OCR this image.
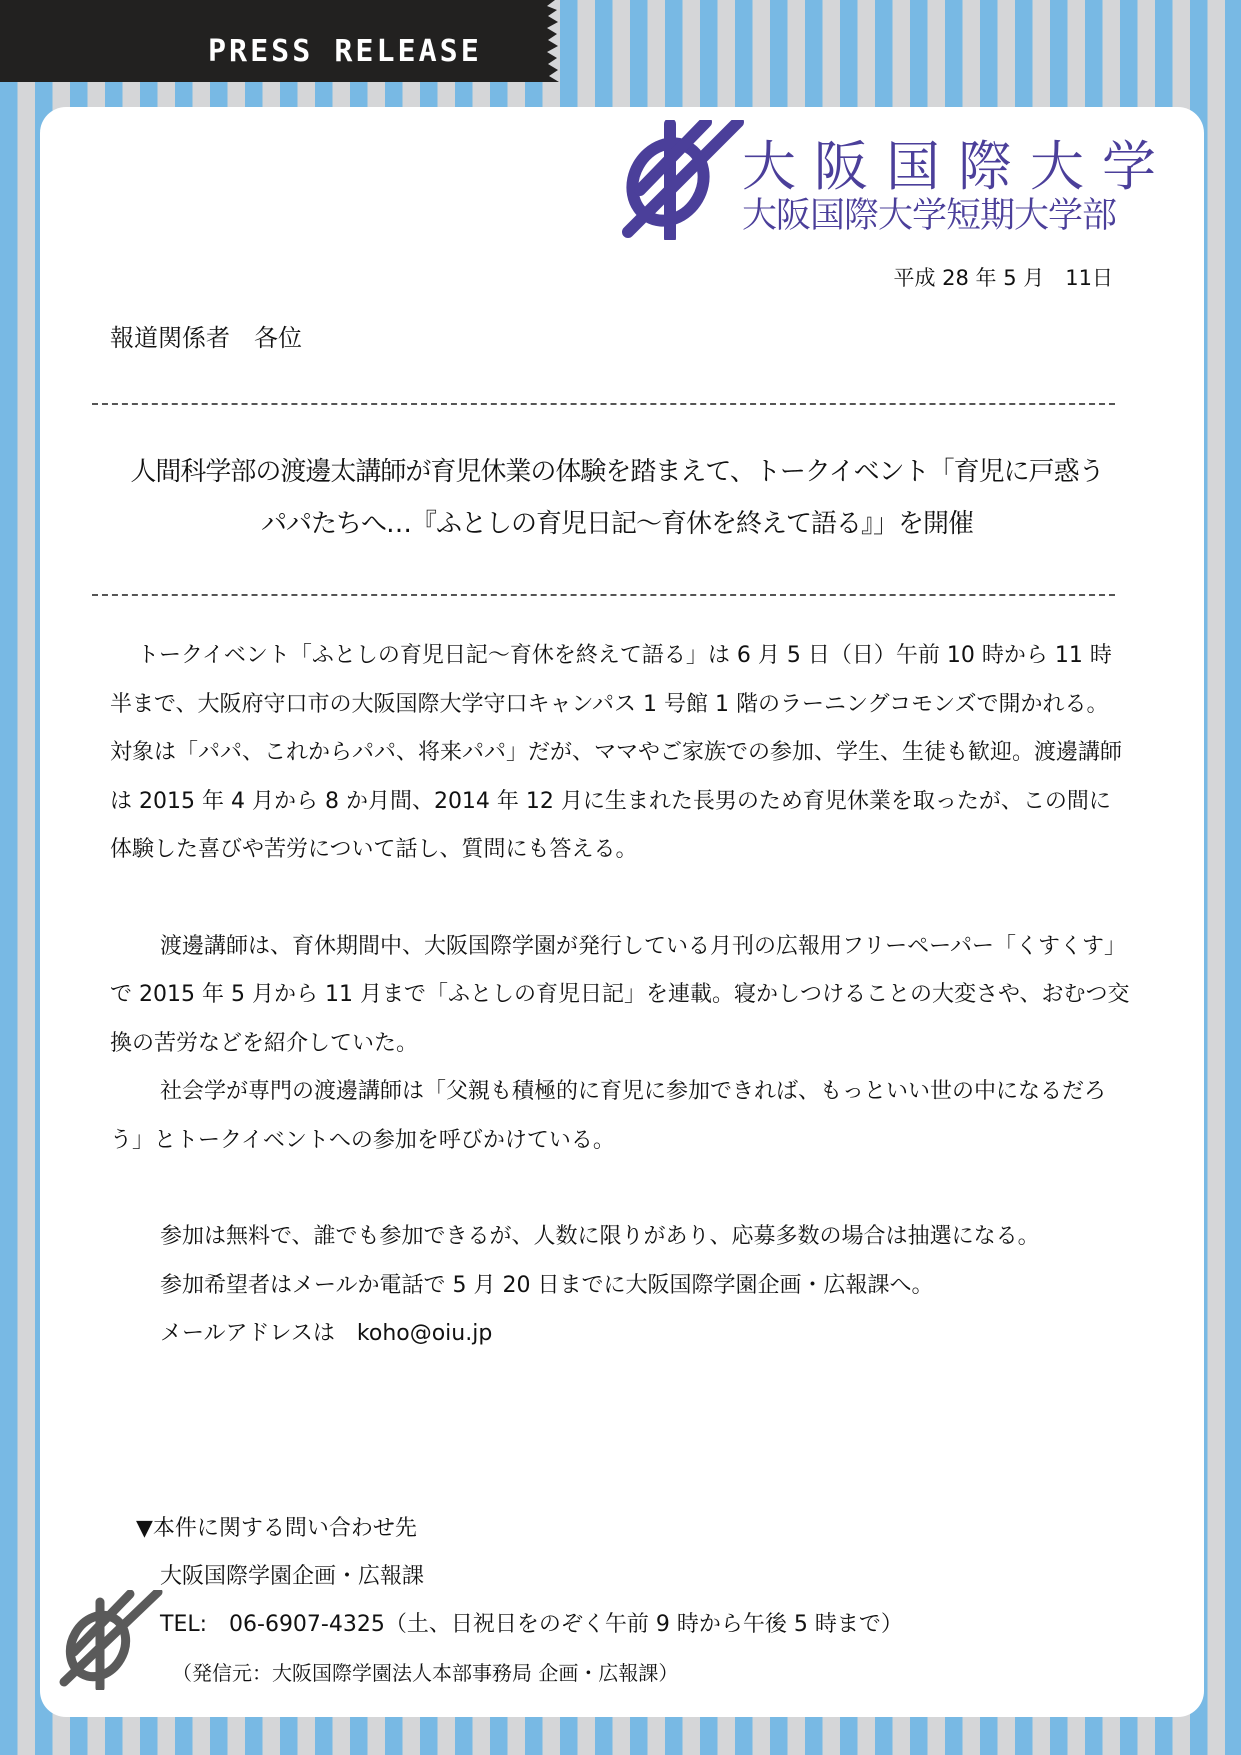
PRESS RELEASE
大阪国際大学
大阪国際大学短期大学部
平成 28 年 5 月　11日
報道関係者　各位
人間科学部の渡邊太講師が育児休業の体験を踏まえて、トークイベント「育児に戸惑う
パパたちへ…『ふとしの育児日記～育休を終えて語る』」を開催

トークイベント「ふとしの育児日記～育休を終えて語る」は 6 月 5 日（日）午前 10 時から 11 時半まで、大阪府守口市の大阪国際大学守口キャンパス 1 号館 1 階のラーニングコモンズで開かれる。対象は「パパ、これからパパ、将来パパ」だが、ママやご家族での参加、学生、生徒も歓迎。渡邊講師は 2015 年 4 月から 8 か月間、2014 年 12 月に生まれた長男のため育児休業を取ったが、この間に体験した喜びや苦労について話し、質問にも答える。

渡邊講師は、育休期間中、大阪国際学園が発行している月刊の広報用フリーペーパー「くすくす」で 2015 年 5 月から 11 月まで「ふとしの育児日記」を連載。寝かしつけることの大変さや、おむつ交換の苦労などを紹介していた。

社会学が専門の渡邊講師は「父親も積極的に育児に参加できれば、もっといい世の中になるだろう」とトークイベントへの参加を呼びかけている。

参加は無料で、誰でも参加できるが、人数に限りがあり、応募多数の場合は抽選になる。

参加希望者はメールか電話で 5 月 20 日までに大阪国際学園企画・広報課へ。

メールアドレスは　koho@oiu.jp

▼本件に関する問い合わせ先
大阪国際学園企画・広報課
TEL:　06-6907-4325（土、日祝日をのぞく午前 9 時から午後 5 時まで）
（発信元：大阪国際学園法人本部事務局 企画・広報課）
